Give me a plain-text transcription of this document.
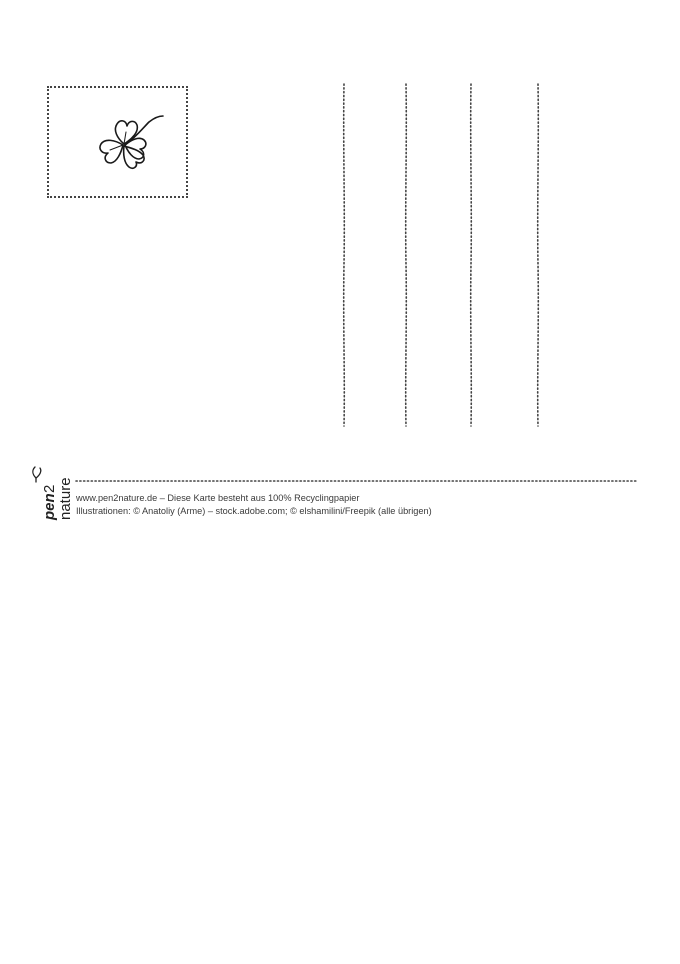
pen
2 nature www.pen2nature.de – Diese Karte besteht aus 100% Recyclingpapier
Illustrationen: © Anatoliy (Arme) – stock.adobe.com; © elshamilini/Freepik (alle übrigen)
